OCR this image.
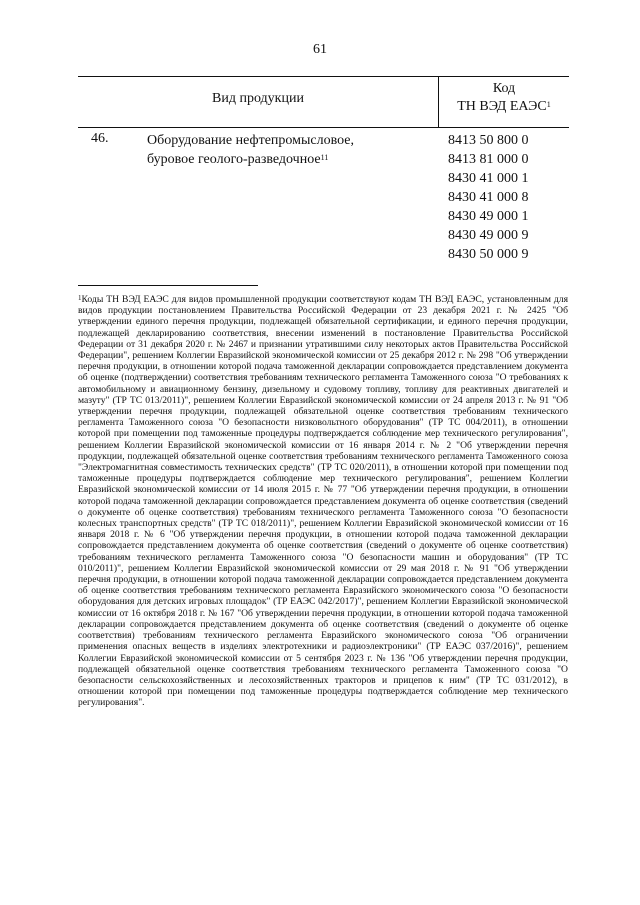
61
Вид продукции
Код
ТН ВЭД ЕАЭС$^1$
46.	Оборудование нефтепромысловое,
буровое геолого-разведочное$^{11}$
8413 50 800 0
8413 81 000 0
8430 41 000 1
8430 41 000 8
8430 49 000 1
8430 49 000 9
8430 50 000 9
$^1$Коды ТН ВЭД ЕАЭС для видов промышленной продукции соответствуют кодам ТН ВЭД ЕАЭС, установленным для видов продукции постановлением Правительства Российской Федерации от 23 декабря 2021 г. № 2425 "Об утверждении единого перечня продукции, подлежащей обязательной сертификации, и единого перечня продукции, подлежащей декларированию соответствия, внесении изменений в постановление Правительства Российской Федерации от 31 декабря 2020 г. № 2467 и признании утратившими силу некоторых актов Правительства Российской Федерации", решением Коллегии Евразийской экономической комиссии от 25 декабря 2012 г. № 298 "Об утверждении перечня продукции, в отношении которой подача таможенной декларации сопровождается представлением документа об оценке (подтверждении) соответствия требованиям технического регламента Таможенного союза "О требованиях к автомобильному и авиационному бензину, дизельному и судовому топливу, топливу для реактивных двигателей и мазуту" (ТР ТС 013/2011)", решением Коллегии Евразийской экономической комиссии от 24 апреля 2013 г. № 91 "Об утверждении перечня продукции, подлежащей обязательной оценке соответствия требованиям технического регламента Таможенного союза "О безопасности низковольтного оборудования" (ТР ТС 004/2011), в отношении которой при помещении под таможенные процедуры подтверждается соблюдение мер технического регулирования", решением Коллегии Евразийской экономической комиссии от 16 января 2014 г. № 2 "Об утверждении перечня продукции, подлежащей обязательной оценке соответствия требованиям технического регламента Таможенного союза "Электромагнитная совместимость технических средств" (ТР ТС 020/2011), в отношении которой при помещении под таможенные процедуры подтверждается соблюдение мер технического регулирования", решением Коллегии Евразийской экономической комиссии от 14 июля 2015 г. № 77 "Об утверждении перечня продукции, в отношении которой подача таможенной декларации сопровождается представлением документа об оценке соответствия (сведений о документе об оценке соответствия) требованиям технического регламента Таможенного союза "О безопасности колесных транспортных средств" (ТР ТС 018/2011)", решением Коллегии Евразийской экономической комиссии от 16 января 2018 г. № 6 "Об утверждении перечня продукции, в отношении которой подача таможенной декларации сопровождается представлением документа об оценке соответствия (сведений о документе об оценке соответствия) требованиям технического регламента Таможенного союза "О безопасности машин и оборудования" (ТР ТС 010/2011)", решением Коллегии Евразийской экономической комиссии от 29 мая 2018 г. № 91 "Об утверждении перечня продукции, в отношении которой подача таможенной декларации сопровождается представлением документа об оценке соответствия требованиям технического регламента Евразийского экономического союза "О безопасности оборудования для детских игровых площадок" (ТР ЕАЭС 042/2017)", решением Коллегии Евразийской экономической комиссии от 16 октября 2018 г. № 167 "Об утверждении перечня продукции, в отношении которой подача таможенной декларации сопровождается представлением документа об оценке соответствия (сведений о документе об оценке соответствия) требованиям технического регламента Евразийского экономического союза "Об ограничении применения опасных веществ в изделиях электротехники и радиоэлектроники" (ТР ЕАЭС 037/2016)", решением Коллегии Евразийской экономической комиссии от 5 сентября 2023 г. № 136 "Об утверждении перечня продукции, подлежащей обязательной оценке соответствия требованиям технического регламента Таможенного союза "О безопасности сельскохозяйственных и лесохозяйственных тракторов и прицепов к ним" (ТР ТС 031/2012), в отношении которой при помещении под таможенные процедуры подтверждается соблюдение мер технического регулирования".
